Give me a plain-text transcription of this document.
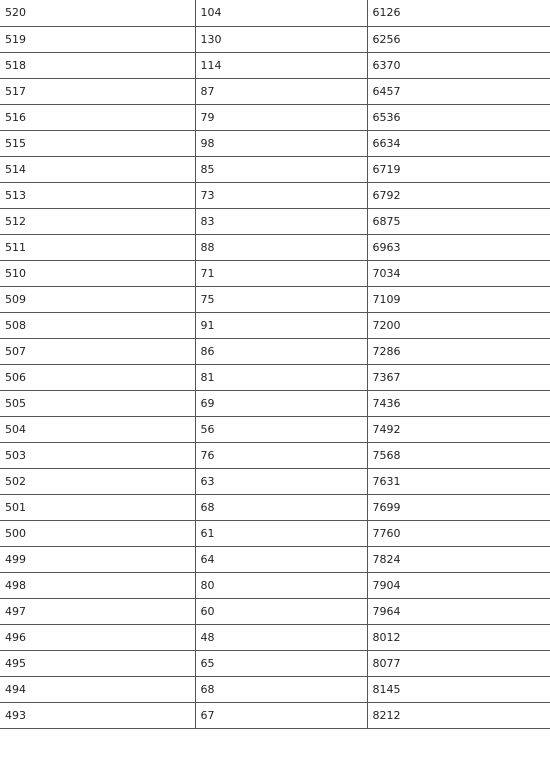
520	104	6126
519	130	6256
518	114	6370
517	87	6457
516	79	6536
515	98	6634
514	85	6719
513	73	6792
512	83	6875
511	88	6963
510	71	7034
509	75	7109
508	91	7200
507	86	7286
506	81	7367
505	69	7436
504	56	7492
503	76	7568
502	63	7631
501	68	7699
500	61	7760
499	64	7824
498	80	7904
497	60	7964
496	48	8012
495	65	8077
494	68	8145
493	67	8212
